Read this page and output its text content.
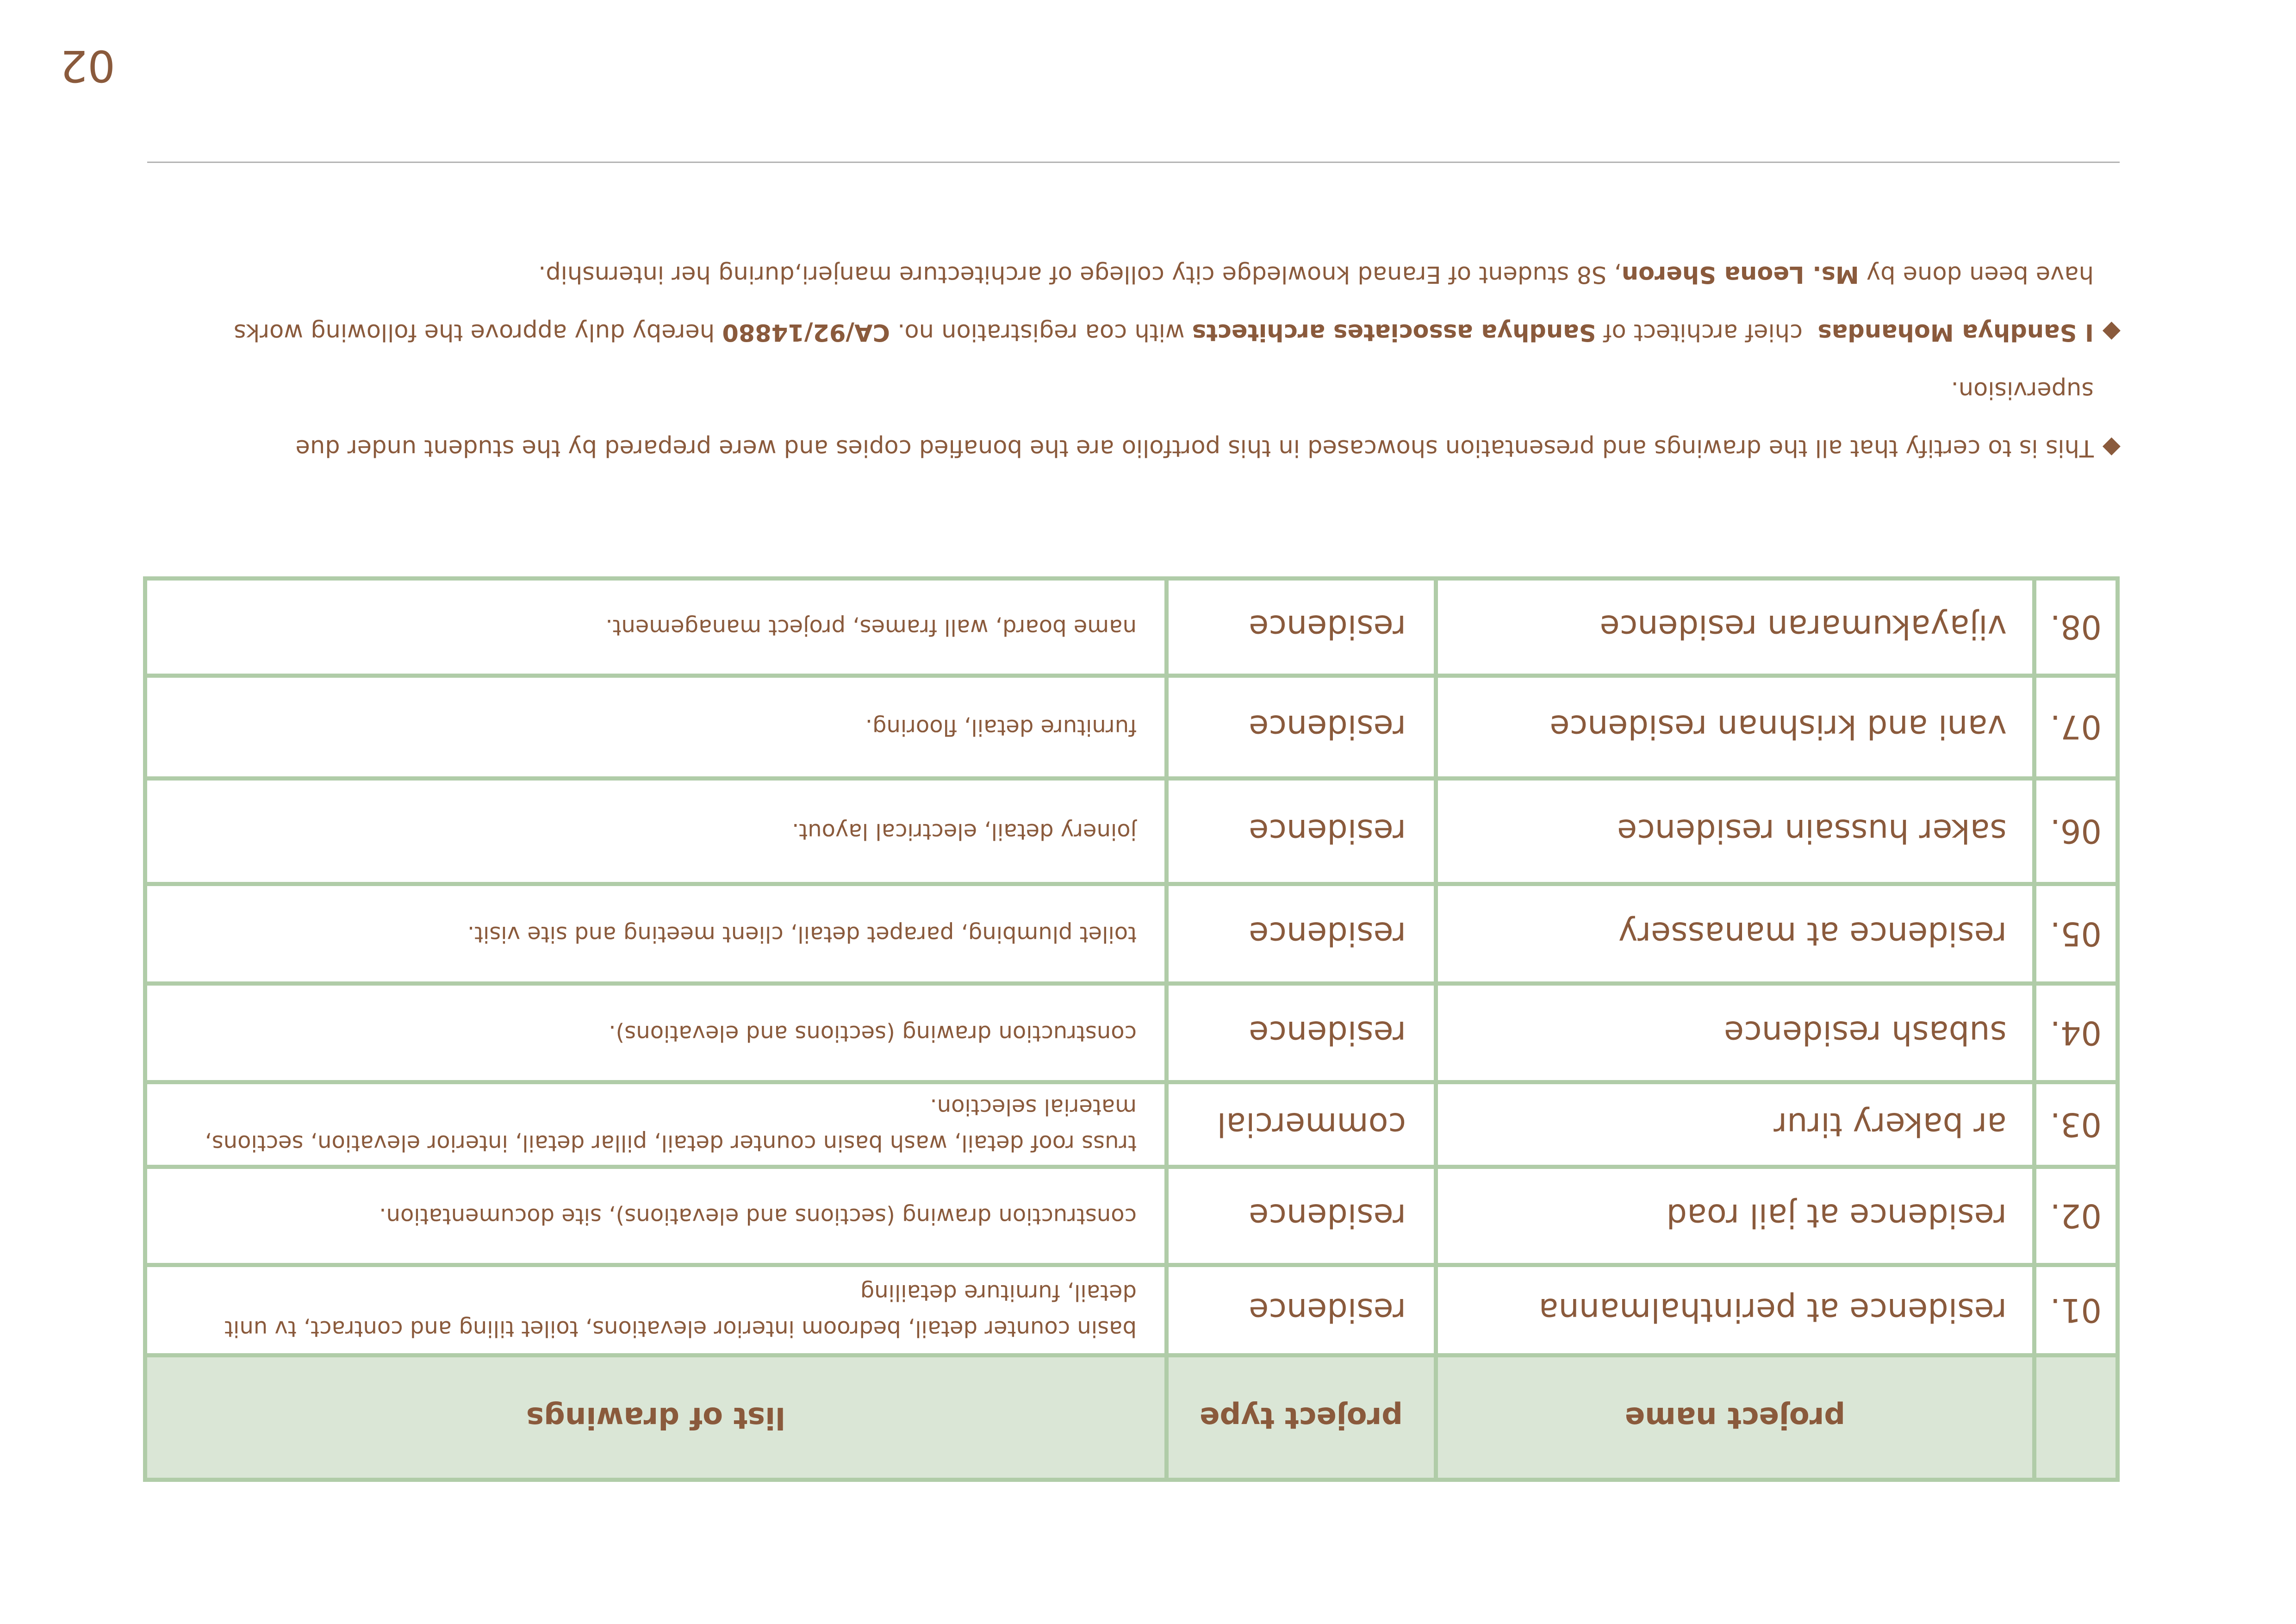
	project name	project type	list of drawings
01.	residence at perinthalmanna	residence	basin counter detail, bedroom interior elevations, toilet tiling and contract, tv unit detail, furniture detailing
02.	residence at jail road	residence	construction drawing (sections and elevations), site documentation.
03.	ar bakery tirur	commercial	truss roof detail, wash basin counter detail, pillar detail, interior elevation, sections, material selection.
04.	subash residence	residence	construction drawing (sections and elevations).
05.	residence at manassery	residence	toilet plumbing, parapet detail, client meeting and site visit.
06.	saker hussain residence	residence	joinery detail, electrical layout.
07.	vani and krishnan residence	residence	furniture detail, flooring.
08.	vijayakumaran residence	residence	name board, wall frames, project management.

◆
This is to certify that all the drawings and presentation showcased in this portfolio are the bonafied copies and were prepared by the student under due supervision.

◆
I Sandhya Mohandas  chief architect of Sandhya associates architects with coa registration no. CA/92/14880 hereby duly approve the following works have been done by Ms. Leona Sheron, S8 student of Eranad knowledge city college of architecture manjeri,during her internship.

02
